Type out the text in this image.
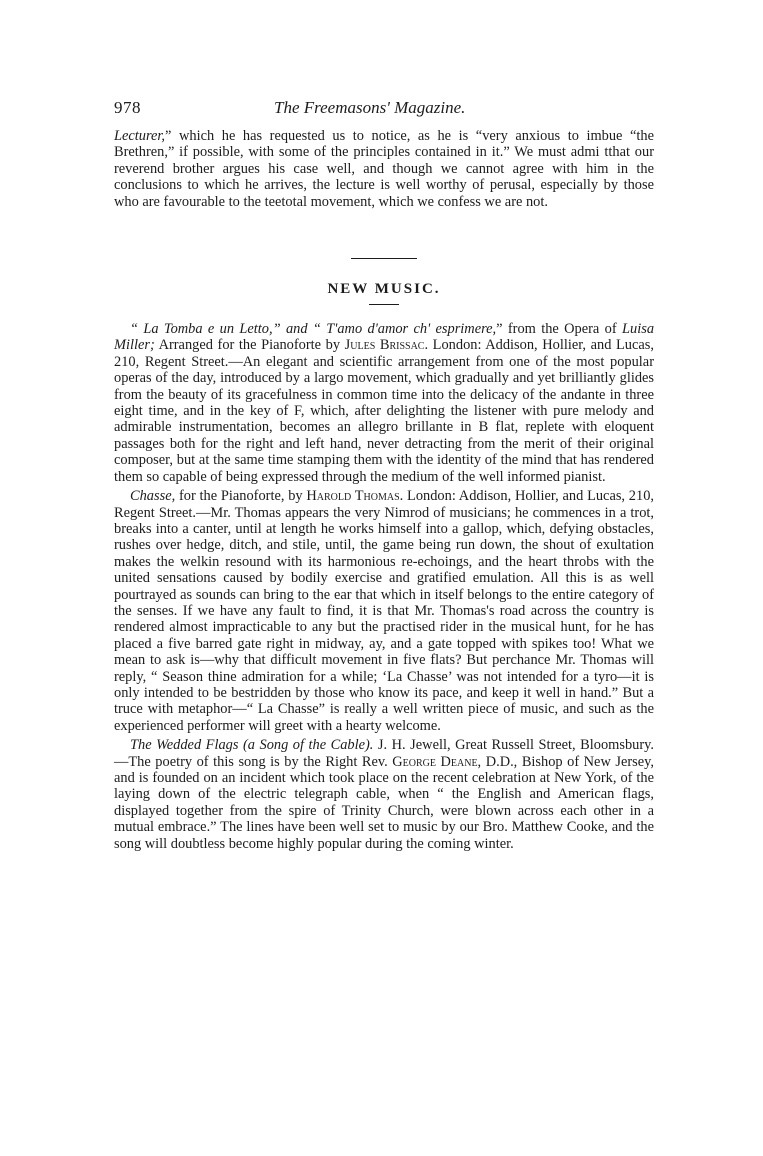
978	The Freemasons' Magazine.

Lecturer,” which he has requested us to notice, as he is “very anxious to imbue “the Brethren,” if possible, with some of the principles contained in it.” We must admi tthat our reverend brother argues his case well, and though we cannot agree with him in the conclusions to which he arrives, the lecture is well worthy of perusal, especially by those who are favourable to the teetotal movement, which we confess we are not.

NEW MUSIC.

“ La Tomba e un Letto,” and “ T'amo d'amor ch' esprimere,” from the Opera of Luisa Miller; Arranged for the Pianoforte by Jules Brissac. London: Addison, Hollier, and Lucas, 210, Regent Street.—An elegant and scientific arrangement from one of the most popular operas of the day, introduced by a largo movement, which gradually and yet brilliantly glides from the beauty of its gracefulness in common time into the delicacy of the andante in three eight time, and in the key of F, which, after delighting the listener with pure melody and admirable instrumentation, becomes an allegro brillante in B flat, replete with eloquent passages both for the right and left hand, never detracting from the merit of their original composer, but at the same time stamping them with the identity of the mind that has rendered them so capable of being expressed through the medium of the well informed pianist.

Chasse, for the Pianoforte, by Harold Thomas. London: Addison, Hollier, and Lucas, 210, Regent Street.—Mr. Thomas appears the very Nimrod of musicians; he commences in a trot, breaks into a canter, until at length he works himself into a gallop, which, defying obstacles, rushes over hedge, ditch, and stile, until, the game being run down, the shout of exultation makes the welkin resound with its harmonious re-echoings, and the heart throbs with the united sensations caused by bodily exercise and gratified emulation. All this is as well pourtrayed as sounds can bring to the ear that which in itself belongs to the entire category of the senses. If we have any fault to find, it is that Mr. Thomas's road across the country is rendered almost impracticable to any but the practised rider in the musical hunt, for he has placed a five barred gate right in midway, ay, and a gate topped with spikes too! What we mean to ask is—why that difficult movement in five flats? But perchance Mr. Thomas will reply, “ Season thine admiration for a while; ‘La Chasse’ was not intended for a tyro—it is only intended to be bestridden by those who know its pace, and keep it well in hand.” But a truce with metaphor—“ La Chasse” is really a well written piece of music, and such as the experienced performer will greet with a hearty welcome.

The Wedded Flags (a Song of the Cable). J. H. Jewell, Great Russell Street, Bloomsbury.—The poetry of this song is by the Right Rev. George Deane, D.D., Bishop of New Jersey, and is founded on an incident which took place on the recent celebration at New York, of the laying down of the electric telegraph cable, when “ the English and American flags, displayed together from the spire of Trinity Church, were blown across each other in a mutual embrace.” The lines have been well set to music by our Bro. Matthew Cooke, and the song will doubtless become highly popular during the coming winter.
